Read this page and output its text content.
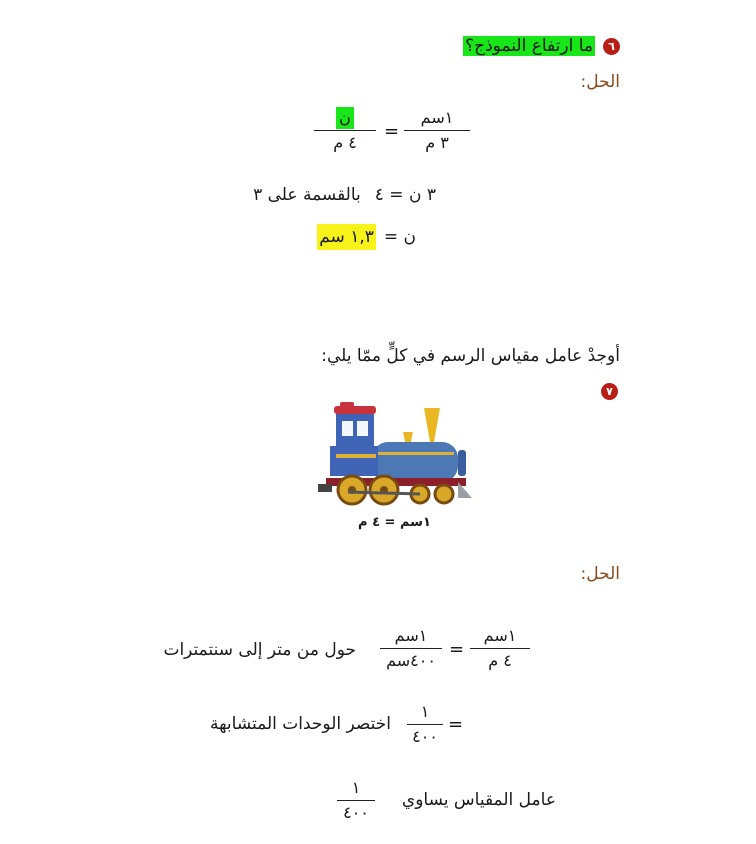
٦
ما ارتفاع النموذج؟
الحل:
١سم
٣ م
=
ن
٤ م
٣ ن = ٤
بالقسمة على ٣
ن =
١,٣ سم
أوجدْ عامل مقياس الرسم في كلٍّ ممّا يلي:
٧
١سم = ٤ م
الحل:
١سم
٤ م
=
١سم
٤٠٠سم
حول من متر إلى سنتمترات
=
١
٤٠٠
اختصر الوحدات المتشابهة
عامل المقياس يساوي
١
٤٠٠
